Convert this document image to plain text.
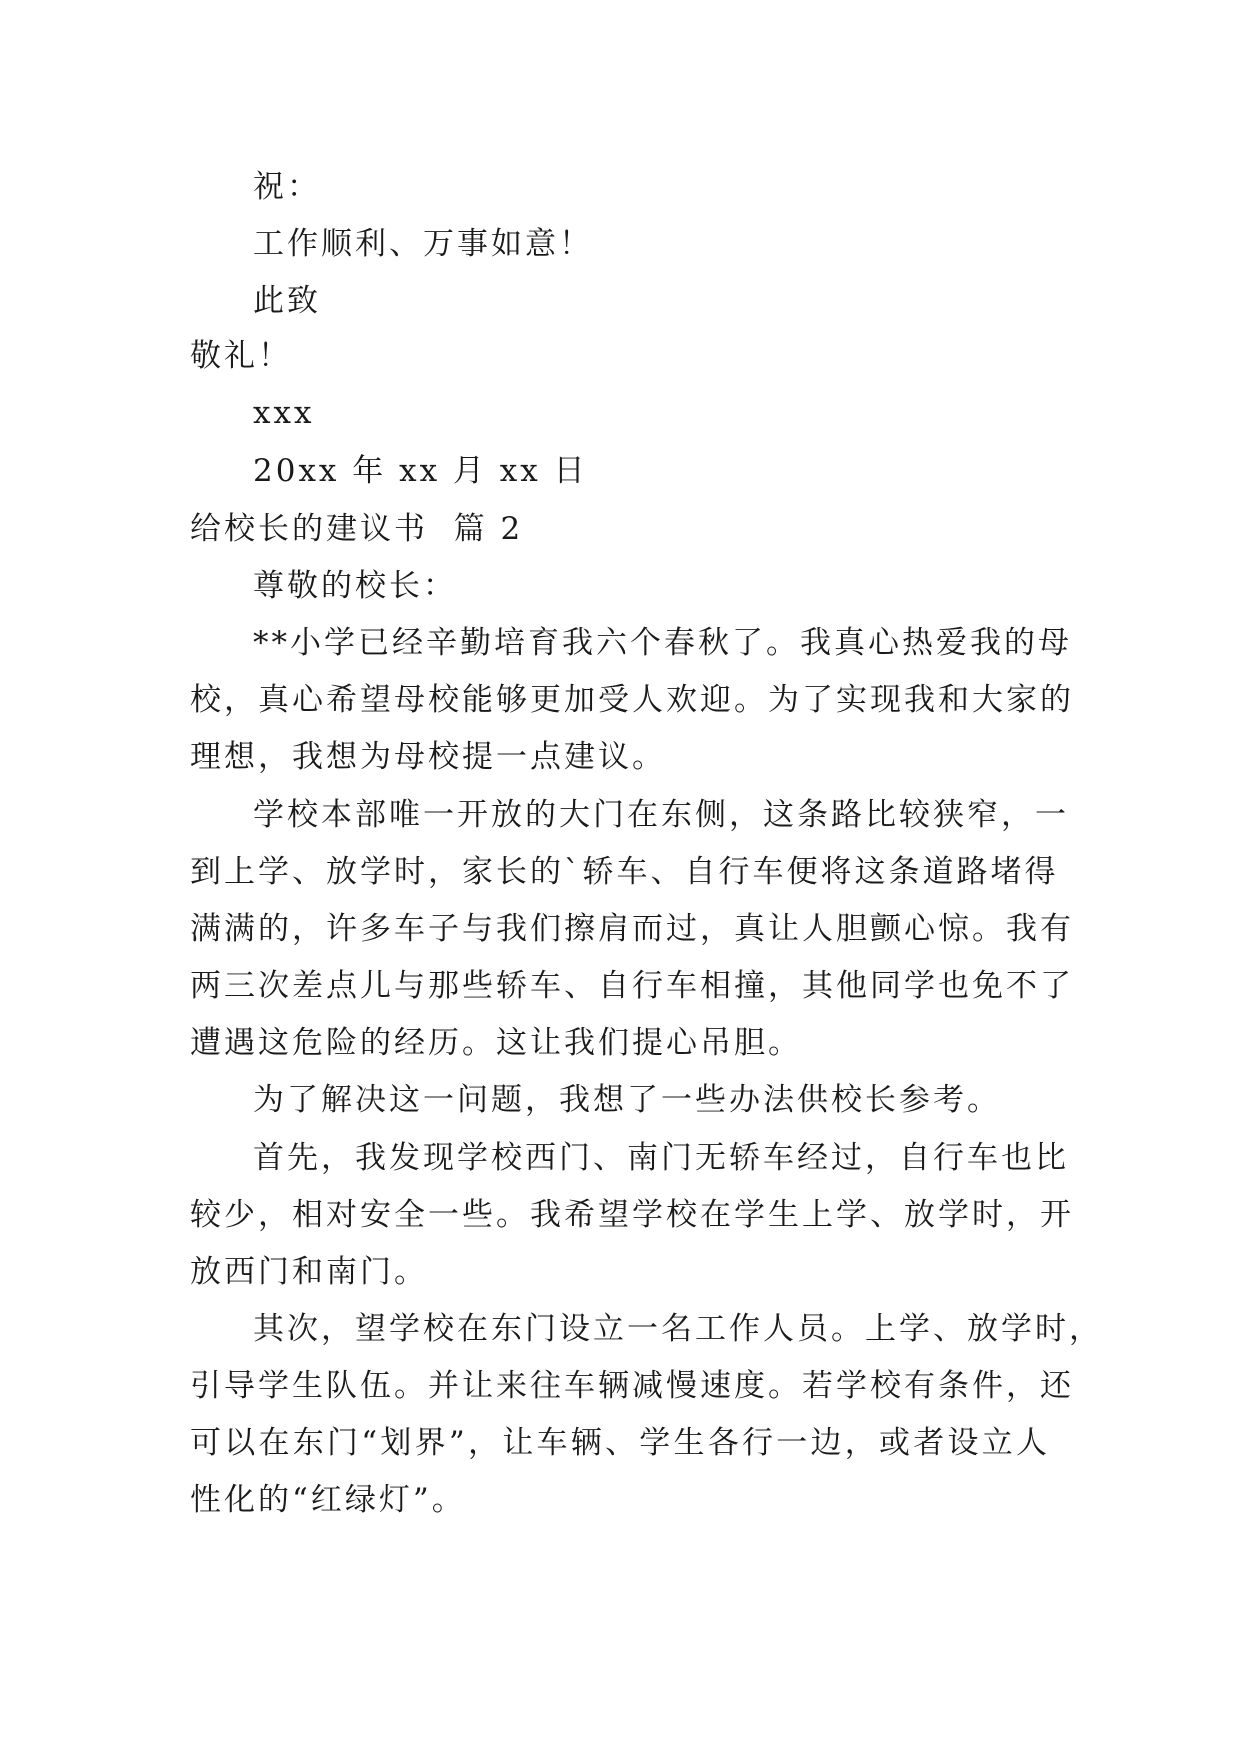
祝：
工作顺利、万事如意！
此致
敬礼！
xxx
20xx 年 xx 月 xx 日
给校长的建议书  篇 2
尊敬的校长：
**小学已经辛勤培育我六个春秋了。我真心热爱我的母
校，真心希望母校能够更加受人欢迎。为了实现我和大家的
理想，我想为母校提一点建议。
学校本部唯一开放的大门在东侧，这条路比较狭窄，一
到上学、放学时，家长的`轿车、自行车便将这条道路堵得
满满的，许多车子与我们擦肩而过，真让人胆颤心惊。我有
两三次差点儿与那些轿车、自行车相撞，其他同学也免不了
遭遇这危险的经历。这让我们提心吊胆。
为了解决这一问题，我想了一些办法供校长参考。
首先，我发现学校西门、南门无轿车经过，自行车也比
较少，相对安全一些。我希望学校在学生上学、放学时，开
放西门和南门。
其次，望学校在东门设立一名工作人员。上学、放学时，
引导学生队伍。并让来往车辆减慢速度。若学校有条件，还
可以在东门“划界”，让车辆、学生各行一边，或者设立人
性化的“红绿灯”。
